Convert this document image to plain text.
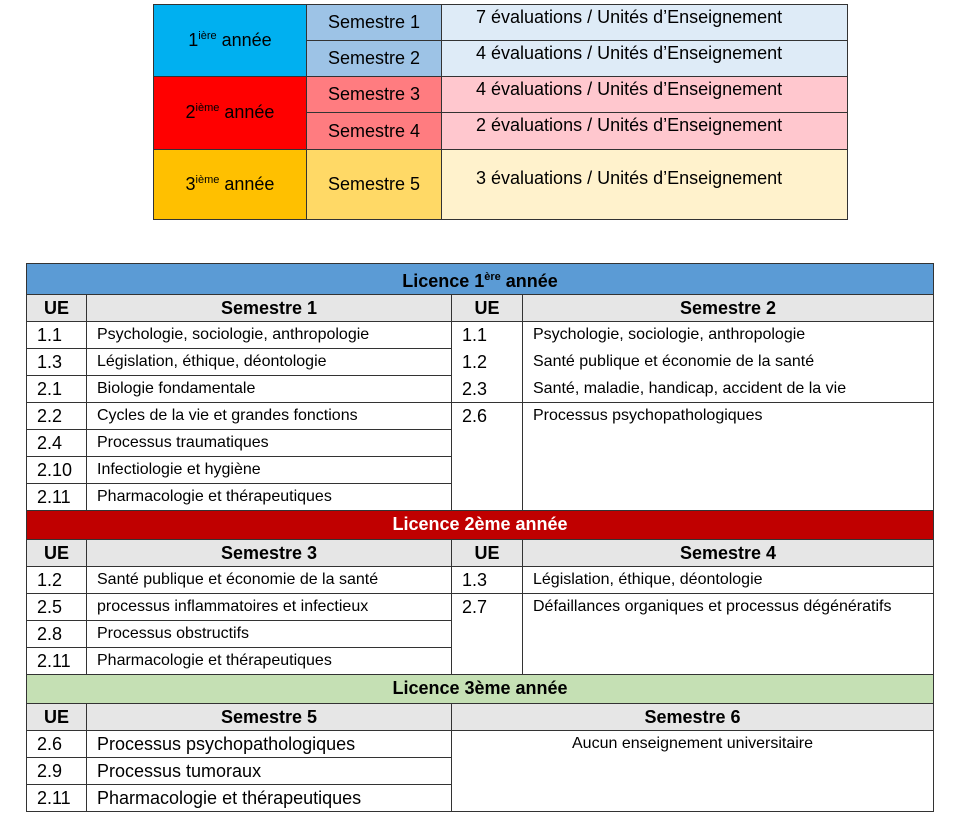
$1^{ière}$ année	Semestre 1	7 évaluations / Unités d’Enseignement
	Semestre 2	4 évaluations / Unités d’Enseignement
2ième année	Semestre 3	4 évaluations / Unités d’Enseignement
	Semestre 4	2 évaluations / Unités d’Enseignement
3ième année	Semestre 5	3 évaluations / Unités d’Enseignement
Licence 1ère année			
UE	Semestre 1	UE	Semestre 2
1.1	Psychologie, sociologie, anthropologie	1.1	Psychologie, sociologie, anthropologie
1.3	Législation, éthique, déontologie	1.2	Santé publique et économie de la santé
2.1	Biologie fondamentale	2.3	Santé, maladie, handicap, accident de la vie
2.2	Cycles de la vie et grandes fonctions	2.6	Processus psychopathologiques
2.4	Processus traumatiques		
2.10	Infectiologie et hygiène		
2.11	Pharmacologie et thérapeutiques		
Licence 2ème année			
UE	Semestre 3	UE	Semestre 4
1.2	Santé publique et économie de la santé	1.3	Législation, éthique, déontologie
2.5	processus inflammatoires et infectieux	2.7	Défaillances organiques et processus dégénératifs
2.8	Processus obstructifs		
2.11	Pharmacologie et thérapeutiques		
Licence 3ème année			
UE	Semestre 5	Semestre 6	
2.6	Processus psychopathologiques	Aucun enseignement universitaire	
2.9	Processus tumoraux		
2.11	Pharmacologie et thérapeutiques		
